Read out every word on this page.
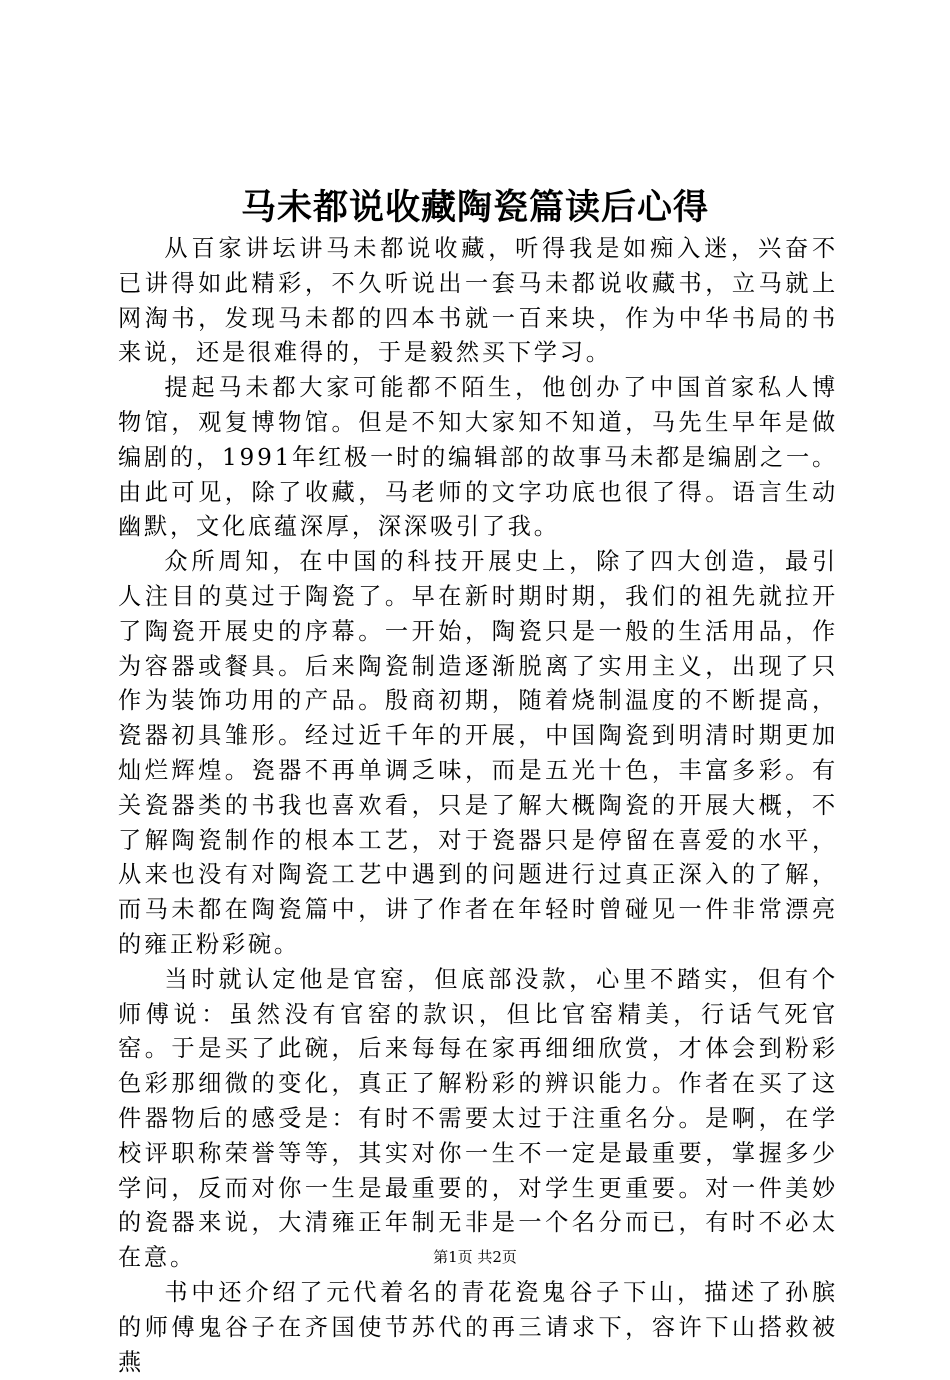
马未都说收藏陶瓷篇读后心得

从百家讲坛讲马未都说收藏，听得我是如痴入迷，兴奋不已讲得如此精彩，不久听说出一套马未都说收藏书，立马就上网淘书，发现马未都的四本书就一百来块，作为中华书局的书来说，还是很难得的，于是毅然买下学习。

提起马未都大家可能都不陌生，他创办了中国首家私人博物馆，观复博物馆。但是不知大家知不知道，马先生早年是做编剧的，1991年红极一时的编辑部的故事马未都是编剧之一。由此可见，除了收藏，马老师的文字功底也很了得。语言生动幽默，文化底蕴深厚，深深吸引了我。

众所周知，在中国的科技开展史上，除了四大创造，最引人注目的莫过于陶瓷了。早在新时期时期，我们的祖先就拉开了陶瓷开展史的序幕。一开始，陶瓷只是一般的生活用品，作为容器或餐具。后来陶瓷制造逐渐脱离了实用主义，出现了只作为装饰功用的产品。殷商初期，随着烧制温度的不断提高，瓷器初具雏形。经过近千年的开展，中国陶瓷到明清时期更加灿烂辉煌。瓷器不再单调乏味，而是五光十色，丰富多彩。有关瓷器类的书我也喜欢看，只是了解大概陶瓷的开展大概，不了解陶瓷制作的根本工艺，对于瓷器只是停留在喜爱的水平，从来也没有对陶瓷工艺中遇到的问题进行过真正深入的了解，而马未都在陶瓷篇中，讲了作者在年轻时曾碰见一件非常漂亮的雍正粉彩碗。

当时就认定他是官窑，但底部没款，心里不踏实，但有个师傅说：虽然没有官窑的款识，但比官窑精美，行话气死官窑。于是买了此碗，后来每每在家再细细欣赏，才体会到粉彩色彩那细微的变化，真正了解粉彩的辨识能力。作者在买了这件器物后的感受是：有时不需要太过于注重名分。是啊，在学校评职称荣誉等等，其实对你一生不一定是最重要，掌握多少学问，反而对你一生是最重要的，对学生更重要。对一件美妙的瓷器来说，大清雍正年制无非是一个名分而已，有时不必太在意。

书中还介绍了元代着名的青花瓷鬼谷子下山，描述了孙膑的师傅鬼谷子在齐国使节苏代的再三请求下，容许下山搭救被燕

第1页 共2页
